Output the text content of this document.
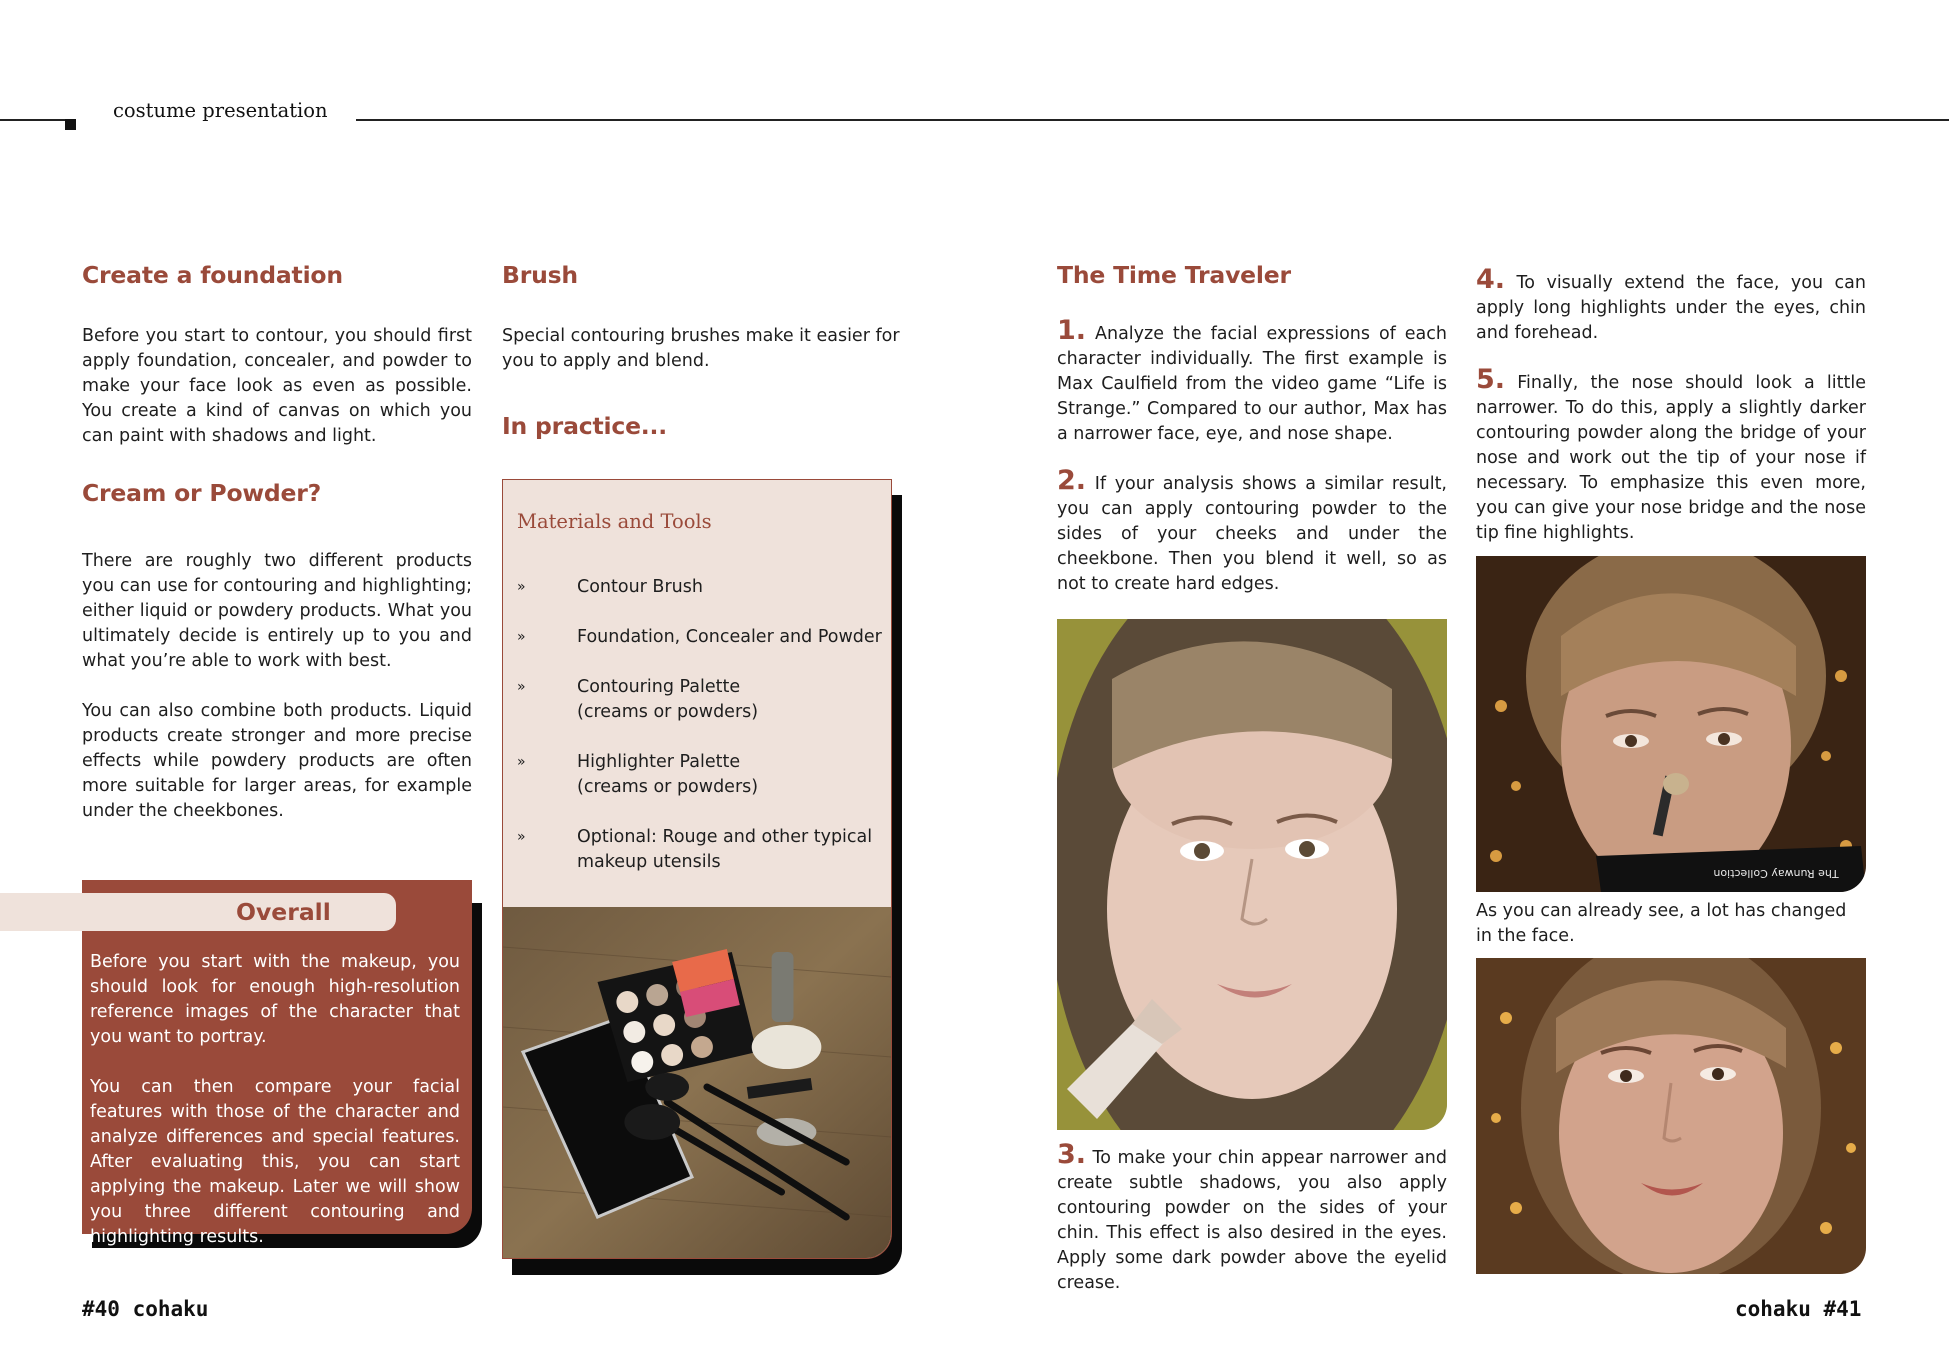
costume presentation
Create a foundation

Before you start to contour, you should first apply foundation, concealer, and powder to make your face look as even as possible. You create a kind of canvas on which you can paint with shadows and light.

Cream or Powder?

There are roughly two different products you can use for contouring and highlighting; either liquid or powdery products. What you ultimately decide is entirely up to you and what you’re able to work with best.

You can also combine both products. Liquid products create stronger and more precise effects while powdery products are often more suitable for larger areas, for example under the cheekbones.

Before you start with the makeup, you should look for enough high-resolution reference images of the character that you want to portray.

You can then compare your facial features with those of the character and analyze differences and special features. After evaluating this, you can start applying the makeup. Later we will show you three different contouring and highlighting results.

Overall
Brush

Special contouring brushes make it easier for you to apply and blend.

In practice...
Materials and Tools
»	Contour Brush
»	Foundation, Concealer and Powder
»	Contouring Palette
(creams or powders)
»	Highlighter Palette
(creams or powders)
»	Optional: Rouge and other typical
makeup utensils
#40 cohaku
The Time Traveler

1. Analyze the facial expressions of each character individually. The first example is Max Caulfield from the video game “Life is Strange.” Compared to our author, Max has a narrower face, eye, and nose shape.

2. If your analysis shows a similar result, you can apply contouring powder to the sides of your cheeks and under the cheekbone. Then you blend it well, so as not to create hard edges.

3. To make your chin appear narrower and create subtle shadows, you also apply contouring powder on the sides of your chin. This effect is also desired in the eyes. Apply some dark powder above the eyelid crease.

4. To visually extend the face, you can apply long highlights under the eyes, chin and forehead.

5. Finally, the nose should look a little narrower. To do this, apply a slightly darker contouring powder along the bridge of your nose and work out the tip of your nose if necessary. To emphasize this even more, you can give your nose bridge and the nose tip fine highlights.

The Runway Collection

As you can already see, a lot has changed in the face.

cohaku #41
